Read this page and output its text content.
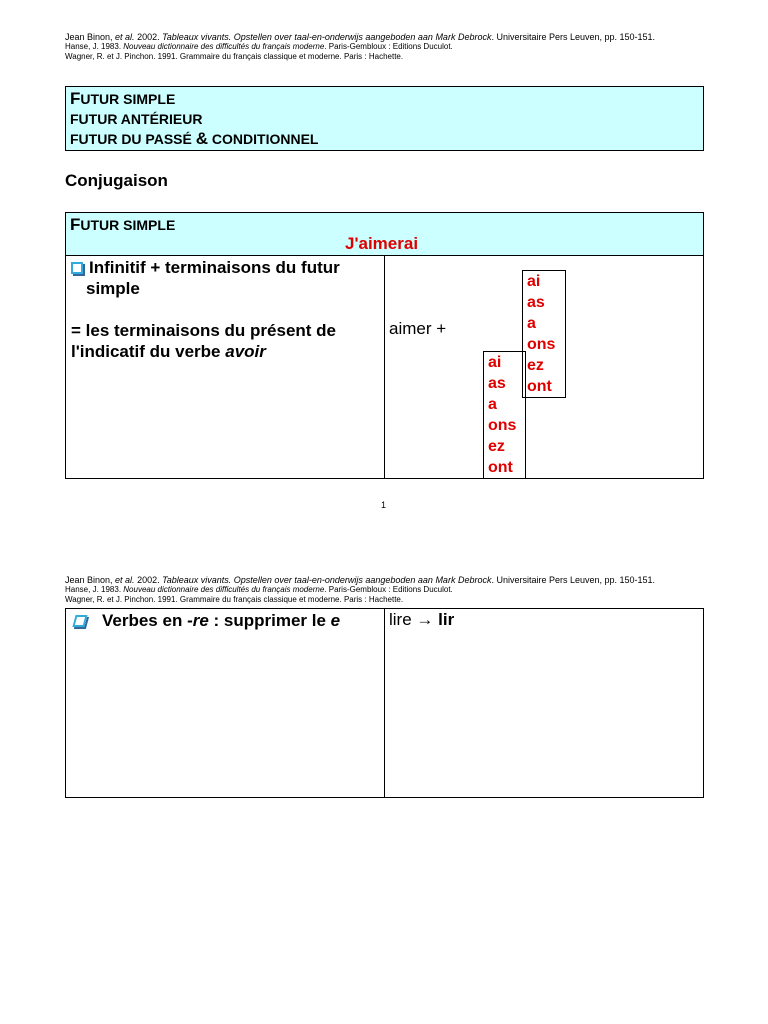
Jean Binon, et al. 2002. Tableaux vivants. Opstellen over taal-en-onderwijs aangeboden aan Mark Debrock. Universitaire Pers Leuven, pp. 150-151.
Hanse, J. 1983. Nouveau dictionnaire des difficultés du français moderne. Paris-Gembloux : Editions Duculot.
Wagner, R. et J. Pinchon. 1991. Grammaire du français classique et moderne. Paris : Hachette.
FUTUR SIMPLE
FUTUR ANTÉRIEUR
FUTUR DU PASSÉ & CONDITIONNEL
Conjugaison
FUTUR SIMPLE
J'aimerai
Infinitif + terminaisons du futur
simple
= les terminaisons du présent de
l'indicatif du verbe avoir
aimer +
ai
as
a
ons
ez
ont
ai
as
a
ons
ez
ont
1
Jean Binon, et al. 2002. Tableaux vivants. Opstellen over taal-en-onderwijs aangeboden aan Mark Debrock. Universitaire Pers Leuven, pp. 150-151.
Hanse, J. 1983. Nouveau dictionnaire des difficultés du français moderne. Paris-Gembloux : Editions Duculot.
Wagner, R. et J. Pinchon. 1991. Grammaire du français classique et moderne. Paris : Hachette.
Verbes en -re : supprimer le e	lire → lir
